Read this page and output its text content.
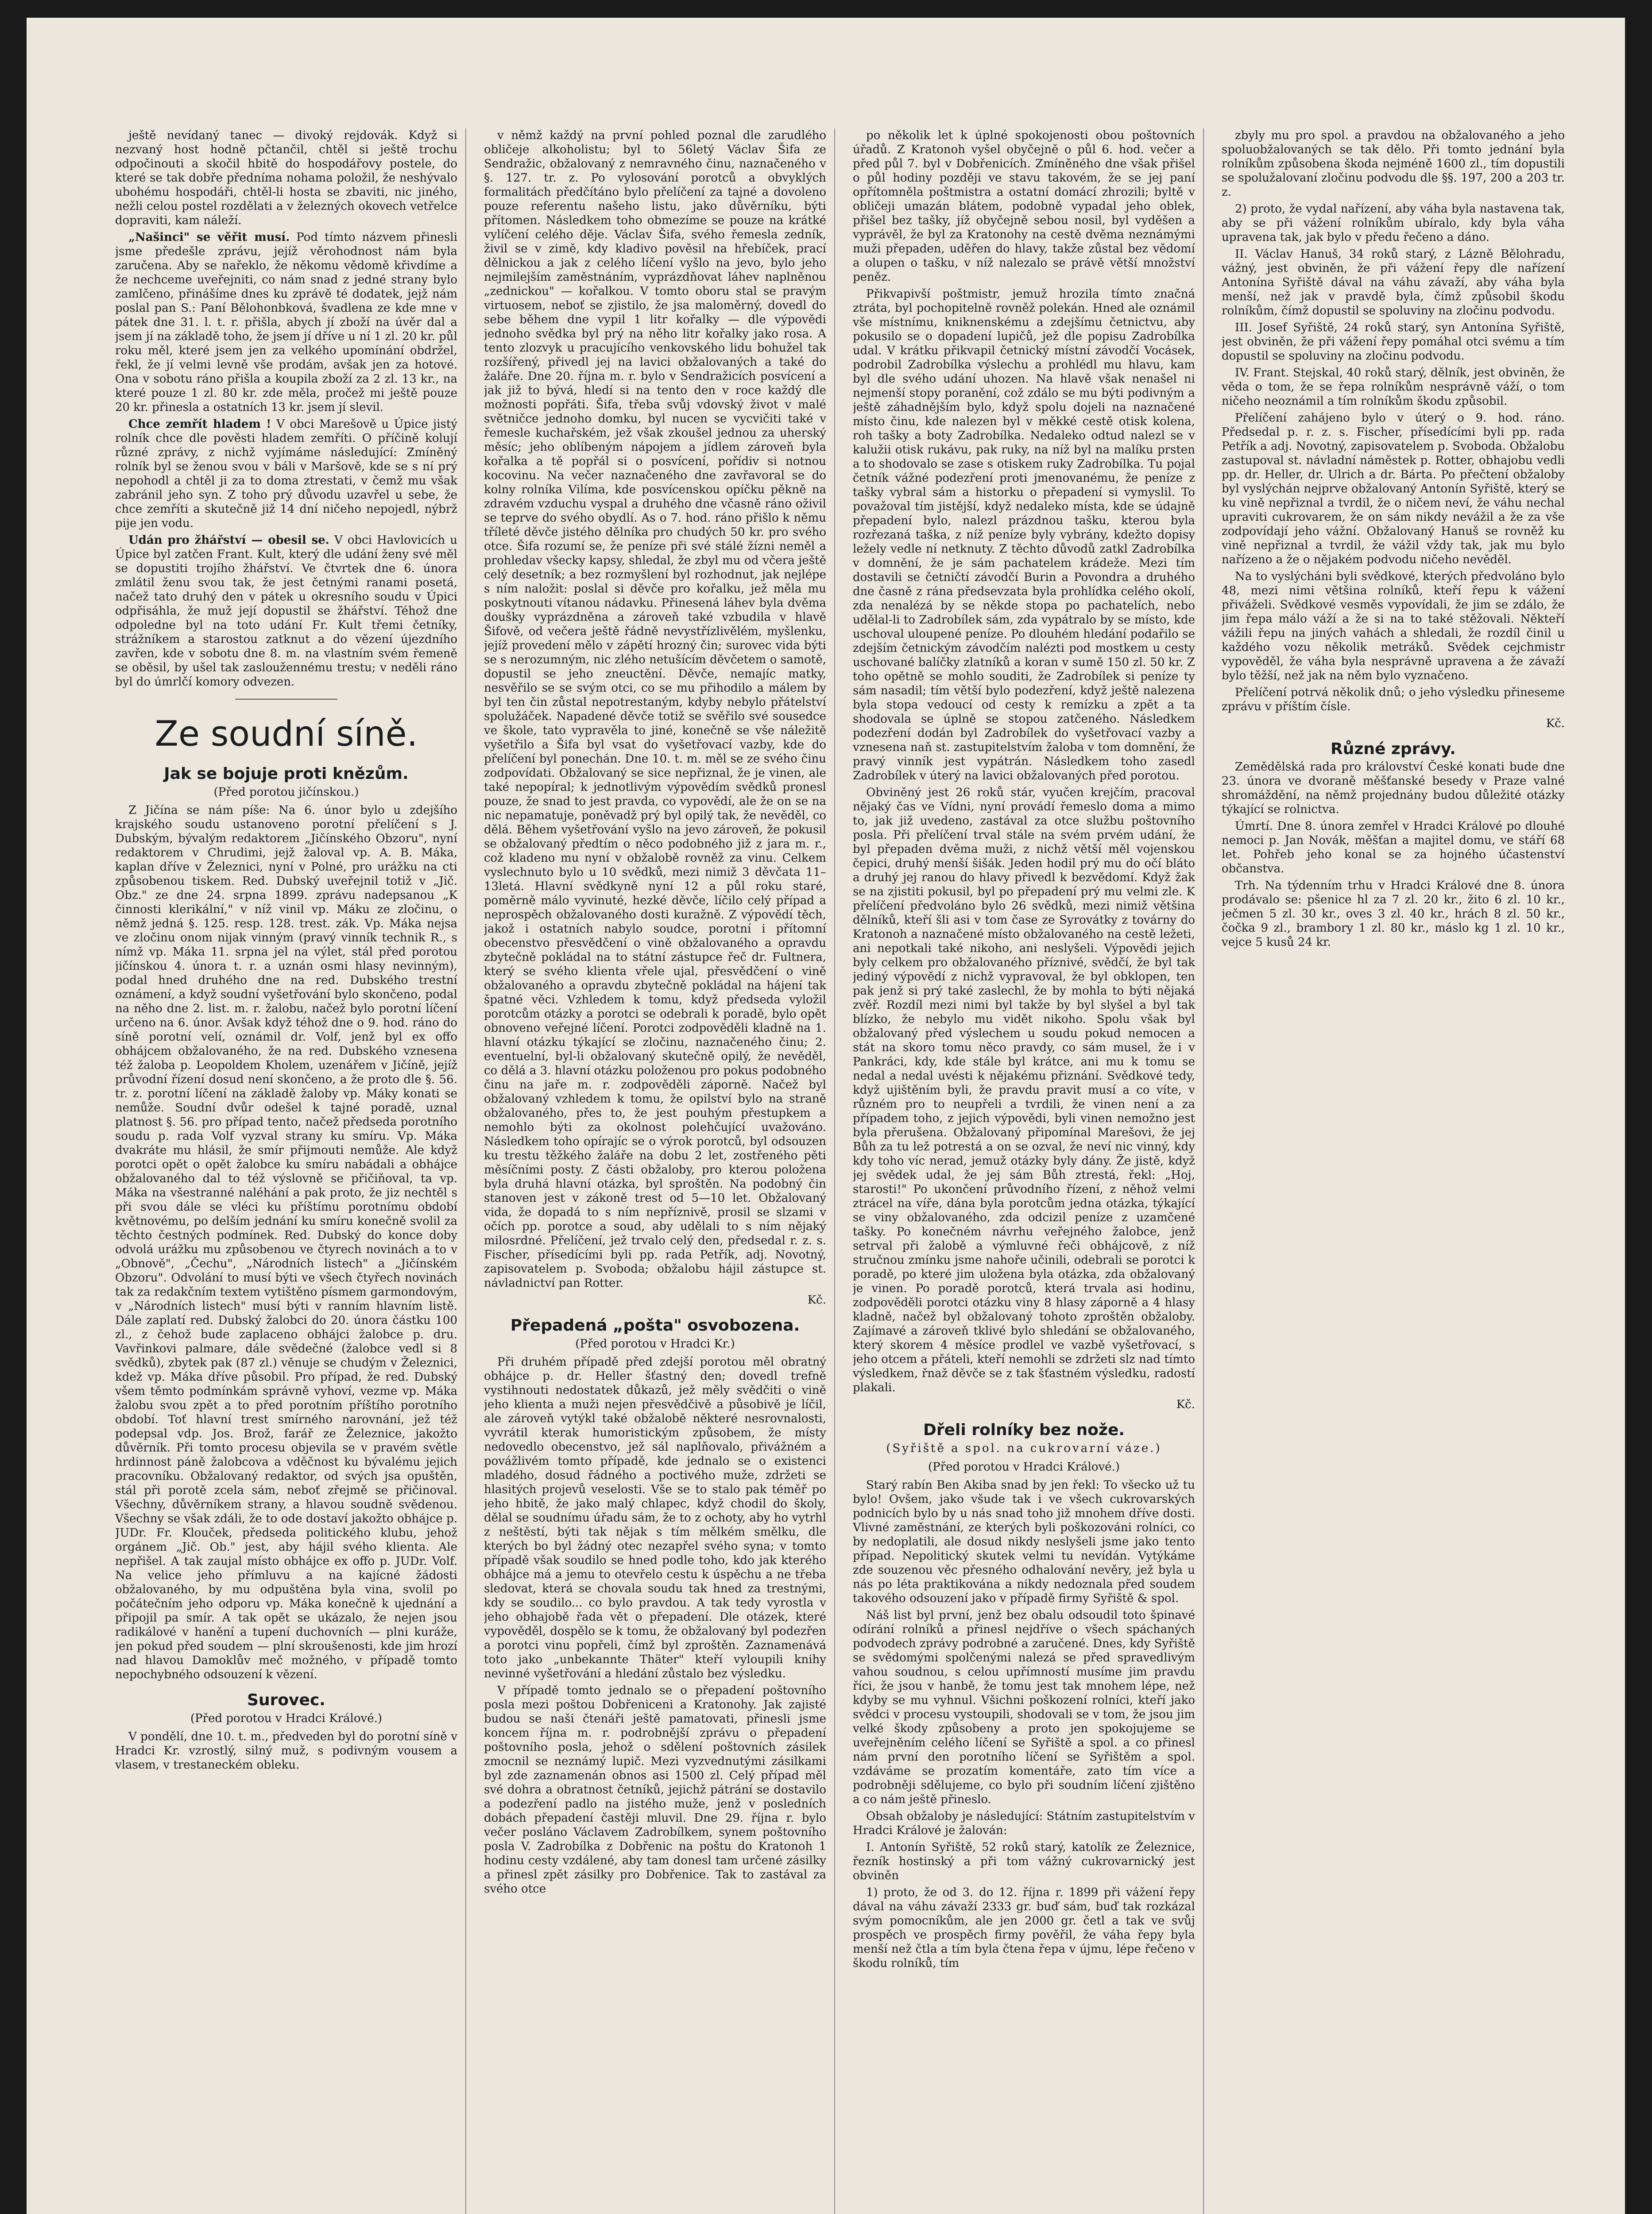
ještě nevídaný tanec — divoký rejdovák. Když si nezvaný host hodně pčtančil, chtěl si ještě trochu odpočinouti a skočil hbitě do hospodářovy postele, do které se tak dobře předníma nohama položil, že neshývalo ubohému hospodáři, chtěl-li hosta se zbaviti, nic jiného, nežli celou postel rozdělati a v železných okovech vetřelce dopraviti, kam náleží.

„Našinci" se věřit musí. Pod tímto názvem přinesli jsme předešle zprávu, jejíž věrohodnost nám byla zaručena. Aby se nařeklo, že někomu vědomě křivdíme a že nechceme uveřejniti, co nám snad z jedné strany bylo zamlčeno, přinášíme dnes ku zprávě té dodatek, jejž nám poslal pan S.: Paní Bělohonbková, švadlena ze kde mne v pátek dne 31. l. t. r. přišla, abych jí zboží na úvěr dal a jsem jí na základě toho, že jsem jí dříve u ní 1 zl. 20 kr. půl roku měl, které jsem jen za velkého upomínání obdržel, řekl, že jí velmi levně vše prodám, avšak jen za hotové. Ona v sobotu ráno přišla a koupila zboží za 2 zl. 13 kr., na které pouze 1 zl. 80 kr. zde měla, pročež mi ještě pouze 20 kr. přinesla a ostatních 13 kr. jsem jí slevil.

Chce zemřít hladem ! V obci Marešově u Úpice jistý rolník chce dle pověsti hladem zemříti. O příčině kolují různé zprávy, z nichž vyjímáme následující: Zmíněný rolník byl se ženou svou v báli v Maršově, kde se s ní prý nepohodl a chtěl ji za to doma ztrestati, v čemž mu však zabránil jeho syn. Z toho prý důvodu uzavřel u sebe, že chce zemříti a skutečně již 14 dní ničeho nepojedl, nýbrž pije jen vodu.

Udán pro žhářství — obesil se. V obci Havlovicích u Úpice byl zatčen Frant. Kult, který dle udání ženy své měl se dopustiti trojího žhářství. Ve čtvrtek dne 6. února zmlátil ženu svou tak, že jest četnými ranami posetá, načež tato druhý den v pátek u okresního soudu v Úpici odpřisáhla, že muž její dopustil se žhářství. Téhož dne odpoledne byl na toto udání Fr. Kult třemi četníky, strážníkem a starostou zatknut a do vězení újezdního zavřen, kde v sobotu dne 8. m. na vlastním svém řemeně se oběsil, by ušel tak zasloužennému trestu; v neděli ráno byl do úmrlčí komory odvezen.

Ze soudní síně.
Jak se bojuje proti knězům.
(Před porotou jičínskou.)

Z Jičína se nám píše: Na 6. únor bylo u zdejšího krajského soudu ustanoveno porotní přelíčení s J. Dubským, bývalým redaktorem „Jičínského Obzoru", nyní redaktorem v Chrudimi, jejž žaloval vp. A. B. Máka, kaplan dříve v Železnici, nyní v Polné, pro urážku na cti způsobenou tiskem. Red. Dubský uveřejnil totiž v „Jič. Obz." ze dne 24. srpna 1899. zprávu nadepsanou „K činnosti klerikální," v níž vinil vp. Máku ze zločinu, o němž jedná §. 125. resp. 128. trest. zák. Vp. Máka nejsa ve zločinu onom nijak vinným (pravý vinník technik R., s nímž vp. Máka 11. srpna jel na výlet, stál před porotou jičínskou 4. února t. r. a uznán osmi hlasy nevinným), podal hned druhého dne na red. Dubského trestní oznámení, a když soudní vyšetřování bylo skončeno, podal na něho dne 2. list. m. r. žalobu, načež bylo porotní líčení určeno na 6. únor. Avšak když téhož dne o 9. hod. ráno do síně porotní velí, oznámil dr. Volf, jenž byl ex offo obhájcem obžalovaného, že na red. Dubského vznesena též žaloba p. Leopoldem Kholem, uzenářem v Jičíně, jejíž průvodní řízení dosud není skončeno, a že proto dle §. 56. tr. z. porotní líčení na základě žaloby vp. Máky konati se nemůže. Soudní dvůr odešel k tajné poradě, uznal platnost §. 56. pro případ tento, načež předseda porotního soudu p. rada Volf vyzval strany ku smíru. Vp. Máka dvakráte mu hlásil, že smír přijmouti nemůže. Ale když porotci opět o opět žalobce ku smíru nabádali a obhájce obžalovaného dal to též výslovně se přičiňoval, ta vp. Máka na všestranné naléhání a pak proto, že jiz nechtěl s při svou dále se vléci ku příštímu porotnímu období květnovému, po delším jednání ku smíru konečně svolil za těchto čestných podmínek. Red. Dubský do konce doby odvolá urážku mu způsobenou ve čtyrech novinách a to v „Obnově", „Čechu", „Národních listech" a „Jičínském Obzoru". Odvolání to musí býti ve všech čtyřech novinách tak za redakčním textem vytištěno písmem garmondovým, v „Národních listech" musí býti v ranním hlavním listě. Dále zaplatí red. Dubský žalobci do 20. února částku 100 zl., z čehož bude zaplaceno obhájci žalobce p. dru. Vavřinkovi palmare, dále svědečné (žalobce vedl si 8 svědků), zbytek pak (87 zl.) věnuje se chudým v Železnici, kdež vp. Máka dříve působil. Pro případ, že red. Dubský všem těmto podmínkám správně vyhoví, vezme vp. Máka žalobu svou zpět a to před porotním příštího porotního období. Toť hlavní trest smírného narovnání, jež též podepsal vdp. Jos. Brož, farář ze Železnice, jakožto důvěrník. Při tomto procesu objevila se v pravém světle hrdinnost páně žalobcova a vděčnost ku bývalému jejich pracovníku. Obžalovaný redaktor, od svých jsa opuštěn, stál při porotě zcela sám, neboť zřejmě se přičinoval. Všechny, důvěrníkem strany, a hlavou soudně svědenou. Všechny se však zdáli, že to ode dostaví jakožto obhájce p. JUDr. Fr. Klouček, předseda politického klubu, jehož orgánem „Jič. Ob." jest, aby hájil svého klienta. Ale nepřišel. A tak zaujal místo obhájce ex offo p. JUDr. Volf. Na velice jeho přímluvu a na kajícné žádosti obžalovaného, by mu odpuštěna byla vina, svolil po počátečním jeho odporu vp. Máka konečně k ujednání a připojil pa smír. A tak opět se ukázalo, že nejen jsou radikálové v hanění a tupení duchovních — plni kuráže, jen pokud před soudem — plní skroušenosti, kde jim hrozí nad hlavou Damoklův meč možného, v případě tomto nepochybného odsouzení k vězení.

Surovec.
(Před porotou v Hradci Králové.)

V pondělí, dne 10. t. m., předveden byl do porotní síně v Hradci Kr. vzrostlý, silný muž, s podivným vousem a vlasem, v trestaneckém obleku.

v němž každý na první pohled poznal dle zarudlého obličeje alkoholistu; byl to 56letý Václav Šifa ze Sendražic, obžalovaný z nemravného činu, naznačeného v §. 127. tr. z. Po vylosování porotců a obvyklých formalitách předčítáno bylo přelíčení za tajné a dovoleno pouze referentu našeho listu, jako důvěrníku, býti přítomen. Následkem toho obmezíme se pouze na krátké vylíčení celého děje. Václav Šifa, svého řemesla zedník, živil se v zimě, kdy kladivo pověsil na hřebíček, prací dělnickou a jak z celého líčení vyšlo na jevo, bylo jeho nejmilejším zaměstnáním, vyprázdňovat láhev naplněnou „zednickou" — kořalkou. V tomto oboru stal se pravým virtuosem, neboť se zjistilo, že jsa maloměrný, dovedl do sebe během dne vypil 1 litr kořalky — dle výpovědi jednoho svědka byl prý na něho litr kořalky jako rosa. A tento zlozvyk u pracujícího venkovského lidu bohužel tak rozšířený, přivedl jej na lavici obžalovaných a také do žaláře. Dne 20. října m. r. bylo v Sendražicích posvícení a jak již to bývá, hledí si na tento den v roce každý dle možnosti popřáti. Šifa, třeba svůj vdovský život v malé světničce jednoho domku, byl nucen se vycvičiti také v řemesle kuchařském, jež však zkoušel jednou za uherský měsíc; jeho oblíbeným nápojem a jídlem zároveň byla kořalka a tě popřál si o posvícení, pořídiv si notnou kocovinu. Na večer naznačeného dne zavřavoral se do kolny rolníka Vilíma, kde posvícenskou opíčku pěkně na zdravém vzduchu vyspal a druhého dne včasně ráno oživil se teprve do svého obydlí. As o 7. hod. ráno přišlo k němu tříleté děvče jistého dělníka pro chudých 50 kr. pro svého otce. Šifa rozumí se, že peníze při své stálé žízni neměl a prohledav všecky kapsy, shledal, že zbyl mu od včera ještě celý desetník; a bez rozmyšlení byl rozhodnut, jak nejlépe s ním naložit: poslal si děvče pro kořalku, jež měla mu poskytnouti vítanou nádavku. Přinesená láhev byla dvěma doušky vyprázdněna a zároveň také vzbudila v hlavě Šifově, od večera ještě řádně nevystřízlivělém, myšlenku, jejíž provedení mělo v zápětí hrozný čin; surovec vida býti se s nerozumným, nic zlého netušícím děvčetem o samotě, dopustil se jeho zneuctění. Děvče, nemajíc matky, nesvěřilo se se svým otci, co se mu přihodilo a málem by byl ten čin zůstal nepotrestaným, kdyby nebylo přátelství spolužáček. Napadené děvče totiž se svěřilo své sousedce ve škole, tato vypravěla to jiné, konečně se vše náležitě vyšetřilo a Šifa byl vsat do vyšetřovací vazby, kde do přelíčení byl ponechán. Dne 10. t. m. měl se ze svého činu zodpovídati. Obžalovaný se sice nepřiznal, že je vinen, ale také nepopíral; k jednotlivým výpovědím svědků pronesl pouze, že snad to jest pravda, co vypovědí, ale že on se na nic nepamatuje, poněvadž prý byl opilý tak, že nevěděl, co dělá. Během vyšetřování vyšlo na jevo zároveň, že pokusil se obžalovaný předtím o něco podobného již z jara m. r., což kladeno mu nyní v obžalobě rovněž za vinu. Celkem vyslechnuto bylo u 10 svědků, mezi nimiž 3 děvčata 11–13letá. Hlavní svědkyně nyní 12 a půl roku staré, poměrně málo vyvinuté, hezké děvče, líčilo celý případ a neprospěch obžalovaného dosti kuražně. Z výpovědí těch, jakož i ostatních nabylo soudce, porotní i přítomní obecenstvo přesvědčení o vině obžalovaného a opravdu zbytečně pokládal na to státní zástupce řeč dr. Fultnera, který se svého klienta vřele ujal, přesvědčení o vině obžalovaného a opravdu zbytečně pokládal na hájení tak špatné věci. Vzhledem k tomu, když předseda vyložil porotcům otázky a porotci se odebrali k poradě, bylo opět obnoveno veřejné líčení. Porotci zodpověděli kladně na 1. hlavní otázku týkající se zločinu, naznačeného činu; 2. eventuelní, byl-li obžalovaný skutečně opilý, že nevěděl, co dělá a 3. hlavní otázku položenou pro pokus podobného činu na jaře m. r. zodpověděli záporně. Načež byl obžalovaný vzhledem k tomu, že opilství bylo na straně obžalovaného, přes to, že jest pouhým přestupkem a nemohlo býti za okolnost polehčující uvažováno. Následkem toho opírajíc se o výrok porotců, byl odsouzen ku trestu těžkého žaláře na dobu 2 let, zostřeného pěti měsíčními posty. Z části obžaloby, pro kterou položena byla druhá hlavní otázka, byl sproštěn. Na podobný čin stanoven jest v zákoně trest od 5—10 let. Obžalovaný vida, že dopadá to s ním nepříznivě, prosil se slzami v očích pp. porotce a soud, aby udělali to s ním nějaký milosrdné. Přelíčení, jež trvalo celý den, předsedal r. z. s. Fischer, přísedícími byli pp. rada Petřík, adj. Novotný, zapisovatelem p. Svoboda; obžalobu hájil zástupce st. návladnictví pan Rotter.

Kč.
Přepadená „pošta" osvobozena.
(Před porotou v Hradci Kr.)

Při druhém případě před zdejší porotou měl obratný obhájce p. dr. Heller šťastný den; dovedl trefně vystihnouti nedostatek důkazů, jež měly svědčiti o vině jeho klienta a muži nejen přesvědčivě a působivě je líčil, ale zároveň vytýkl také obžalobě některé nesrovnalosti, vyvrátil kterak humoristickým způsobem, že místy nedovedlo obecenstvo, jež sál naplňovalo, přivážném a povážlivém tomto případě, kde jednalo se o existenci mladého, dosud řádného a poctivého muže, zdržeti se hlasitých projevů veselosti. Vše se to stalo pak téměř po jeho hbitě, že jako malý chlapec, když chodil do školy, dělal se soudnímu úřadu sám, že to z ochoty, aby ho vytrhl z neštěstí, býti tak nějak s tím mělkém smělku, dle kterých bo byl žádný otec nezapřel svého syna; v tomto případě však soudilo se hned podle toho, kdo jak kterého obhájce má a jemu to otevřelo cestu k úspěchu a ne třeba sledovat, která se chovala soudu tak hned za trestnými, kdy se soudilo... co bylo pravdou. A tak tedy vyrostla v jeho obhajobě řada vět o přepadení. Dle otázek, které vypověděl, dospělo se k tomu, že obžalovaný byl podezřen a porotci vinu popřeli, čímž byl zproštěn. Zaznamenává toto jako „unbekannte Thäter" kteří vyloupili knihy nevinné vyšetřování a hledání zůstalo bez výsledku.

V případě tomto jednalo se o přepadení poštovního posla mezi poštou Dobřeniceni a Kratonohy. Jak zajisté budou se naši čtenáři ještě pamatovati, přinesli jsme koncem října m. r. podrobnější zprávu o přepadení poštovního posla, jehož o sdělení poštovních zásilek zmocnil se neznámý lupič. Mezi vyzvednutými zásilkami byl zde zaznamenán obnos asi 1500 zl. Celý případ měl své dohra a obratnost četníků, jejichž pátrání se dostavilo a podezření padlo na jistého muže, jenž v posledních dobách přepadení častěji mluvil. Dne 29. října r. bylo večer posláno Václavem Zadrobílkem, synem poštovního posla V. Zadrobílka z Dobřenic na poštu do Kratonoh 1 hodinu cesty vzdálené, aby tam donesl tam určené zásilky a přinesl zpět zásilky pro Dobřenice. Tak to zastával za svého otce

po několik let k úplné spokojenosti obou poštovních úřadů. Z Kratonoh vyšel obyčejně o půl 6. hod. večer a před půl 7. byl v Dobřenicích. Zmíněného dne však přišel o půl hodiny později ve stavu takovém, že se jej paní opřítomněla poštmistra a ostatní domácí zhrozili; byltě v obličeji umazán blátem, podobně vypadal jeho oblek, přišel bez tašky, jíž obyčejně sebou nosil, byl vyděšen a vyprávěl, že byl za Kratonohy na cestě dvěma neznámými muži přepaden, uděřen do hlavy, takže zůstal bez vědomí a olupen o tašku, v níž nalezalo se právě větší množství peněz.

Přikvapivší poštmistr, jemuž hrozila tímto značná ztráta, byl pochopitelně rovněž polekán. Hned ale oznámil vše místnímu, kniknenskému a zdejšímu četnictvu, aby pokusilo se o dopadení lupičů, jež dle popisu Zadrobílka udal. V krátku přikvapil četnický místní závodčí Vocásek, podrobil Zadrobílka výslechu a prohlédl mu hlavu, kam byl dle svého udání uhozen. Na hlavě však nenašel ni nejmenší stopy poranění, což zdálo se mu býti podivným a ještě záhadnějším bylo, když spolu dojeli na naznačené místo činu, kde nalezen byl v měkké cestě otisk kolena, roh tašky a boty Zadrobílka. Nedaleko odtud nalezl se v kalužii otisk rukávu, pak ruky, na níž byl na malíku prsten a to shodovalo se zase s otiskem ruky Zadrobílka. Tu pojal četník vážné podezření proti jmenovanému, že peníze z tašky vybral sám a historku o přepadení si vymyslil. To považoval tím jistější, když nedaleko místa, kde se údajně přepadení bylo, nalezl prázdnou tašku, kterou byla rozřezaná taška, z níž peníze byly vybrány, kdežto dopisy ležely vedle ní netknuty. Z těchto důvodů zatkl Zadrobílka v domnění, že je sám pachatelem krádeže. Mezi tím dostavili se četničtí závodčí Burin a Povondra a druhého dne časně z rána předsevzata byla prohlídka celého okolí, zda nenalézá by se někde stopa po pachatelích, nebo udělal-li to Zadrobílek sám, zda vypátralo by se místo, kde uschoval uloupené peníze. Po dlouhém hledání podařilo se zdejším četnickým závodčím nalézti pod mostkem u cesty uschované balíčky zlatníků a koran v sumě 150 zl. 50 kr. Z toho opětně se mohlo souditi, že Zadrobílek si peníze ty sám nasadil; tím větší bylo podezření, když ještě nalezena byla stopa vedoucí od cesty k remízku a zpět a ta shodovala se úplně se stopou zatčeného. Následkem podezření dodán byl Zadrobílek do vyšetřovací vazby a vznesena naň st. zastupitelstvím žaloba v tom domnění, že pravý vinník jest vypátrán. Následkem toho zasedl Zadrobílek v úterý na lavici obžalovaných před porotou.

Obviněný jest 26 roků stár, vyučen krejčím, pracoval nějaký čas ve Vídni, nyní provádí řemeslo doma a mimo to, jak již uvedeno, zastával za otce službu poštovního posla. Při přelíčení trval stále na svém prvém udání, že byl přepaden dvěma muži, z nichž větší měl vojenskou čepici, druhý menší šišák. Jeden hodil prý mu do očí bláto a druhý jej ranou do hlavy přivedl k bezvědomí. Když žak se na zjistiti pokusil, byl po přepadení prý mu velmi zle. K přelíčení předvoláno bylo 26 svědků, mezi nimiž většina dělníků, kteří šli asi v tom čase ze Syrovátky z továrny do Kratonoh a naznačené místo obžalovaného na cestě ležeti, ani nepotkali také nikoho, ani neslyšeli. Výpovědi jejich byly celkem pro obžalovaného příznivé, svědčí, že byl tak jediný výpovědí z nichž vypravoval, že byl obklopen, ten pak jenž si prý také zaslechl, že by mohla to býti nějaká zvěř. Rozdíl mezi nimi byl takže by byl slyšel a byl tak blízko, že nebylo mu vidět nikoho. Spolu však byl obžalovaný před výslechem u soudu pokud nemocen a stát na skoro tomu něco pravdy, co sám musel, že i v Pankráci, kdy, kde stále byl krátce, ani mu k tomu se nedal a nedal uvésti k nějakému přiznání. Svědkové tedy, když ujištěním byli, že pravdu pravit musí a co víte, v různém pro to neupřeli a tvrdili, že vinen není a za případem toho, z jejich výpovědi, byli vinen nemožno jest byla přerušena. Obžalovaný připomínal Marešovi, že jej Bůh za tu lež potrestá a on se ozval, že neví nic vinný, kdy kdy toho víc nerad, jemuž otázky byly dány. Že jistě, když jej svědek udal, že jej sám Bůh ztrestá, řekl: „Hoj, starosti!" Po ukončení průvodního řízení, z něhož velmi ztrácel na víře, dána byla porotcům jedna otázka, týkající se viny obžalovaného, zda odcizil peníze z uzamčené tašky. Po konečném návrhu veřejného žalobce, jenž setrval při žalobě a výmluvné řeči obhájcově, z níž stručnou zmínku jsme nahoře učinili, odebrali se porotci k poradě, po které jim uložena byla otázka, zda obžalovaný je vinen. Po poradě porotců, která trvala asi hodinu, zodpověděli porotci otázku viny 8 hlasy záporně a 4 hlasy kladně, načež byl obžalovaný tohoto zproštěn obžaloby. Zajímavé a zároveň tklivé bylo shledání se obžalovaného, který skorem 4 měsíce prodlel ve vazbě vyšetřovací, s jeho otcem a přáteli, kteří nemohli se zdržeti slz nad tímto výsledkem, řnaž děvče se z tak šťastném výsledku, radostí plakali.

Kč.
Dřeli rolníky bez nože.
(Syřiště a spol. na cukrovarní váze.)
(Před porotou v Hradci Králové.)

Starý rabín Ben Akiba snad by jen řekl: To všecko už tu bylo! Ovšem, jako všude tak i ve všech cukrovarských podnicích bylo by u nás snad toho již mnohem dříve dosti. Vlivné zaměstnání, ze kterých byli poškozováni rolníci, co by nedoplatili, ale dosud nikdy neslyšeli jsme jako tento případ. Nepolitický skutek velmi tu nevídán. Vytýkáme zde souzenou věc přesného odhalování nevěry, jež byla u nás po léta praktikována a nikdy nedoznala před soudem takového odsouzení jako v případě firmy Syřiště & spol.

Náš list byl první, jenž bez obalu odsoudil toto špinavé odírání rolníků a přinesl nejdříve o všech spáchaných podvodech zprávy podrobné a zaručené. Dnes, kdy Syřiště se svědomými spolčenými nalezá se před spravedlivým vahou soudnou, s celou upřímností musíme jim pravdu říci, že jsou v hanbě, že tomu jest tak mnohem lépe, než kdyby se mu vyhnul. Všichni poškození rolníci, kteří jako svědci v procesu vystoupili, shodovali se v tom, že jsou jim velké škody způsobeny a proto jen spokojujeme se uveřejněním celého líčení se Syřiště a spol. a co přinesl nám první den porotního líčení se Syřištěm a spol. vzdáváme se prozatím komentáře, zato tím více a podrobněji sdělujeme, co bylo při soudním líčení zjištěno a co nám ještě přineslo.

Obsah obžaloby je následující: Státním zastupitelstvím v Hradci Králové je žalován:

I. Antonín Syřiště, 52 roků starý, katolík ze Železnice, řezník hostinský a při tom vážný cukrovarnický jest obviněn

1) proto, že od 3. do 12. října r. 1899 při vážení řepy dával na váhu závaží 2333 gr. buď sám, buď tak rozkázal svým pomocníkům, ale jen 2000 gr. četl a tak ve svůj prospěch ve prospěch firmy pověřil, že váha řepy byla menší než čtla a tím byla čtena řepa v újmu, lépe řečeno v škodu rolníků, tím

zbyly mu pro spol. a pravdou na obžalovaného a jeho spoluobžalovaných se tak dělo. Při tomto jednání byla rolníkům způsobena škoda nejméně 1600 zl., tím dopustili se spolužalovaní zločinu podvodu dle §§. 197, 200 a 203 tr. z.

2) proto, že vydal nařízení, aby váha byla nastavena tak, aby se při vážení rolníkům ubíralo, kdy byla váha upravena tak, jak bylo v předu řečeno a dáno.

II. Václav Hanuš, 34 roků starý, z Lázně Bělohradu, vážný, jest obviněn, že při vážení řepy dle nařízení Antonína Syřiště dával na váhu závaží, aby váha byla menší, než jak v pravdě byla, čímž způsobil škodu rolníkům, čímž dopustil se spoluviny na zločinu podvodu.

III. Josef Syřiště, 24 roků starý, syn Antonína Syřiště, jest obviněn, že při vážení řepy pomáhal otci svému a tím dopustil se spoluviny na zločinu podvodu.

IV. Frant. Stejskal, 40 roků starý, dělník, jest obviněn, že věda o tom, že se řepa rolníkům nesprávně váží, o tom ničeho neoznámil a tím rolníkům škodu způsobil.

Přelíčení zahájeno bylo v úterý o 9. hod. ráno. Předsedal p. r. z. s. Fischer, přísedícími byli pp. rada Petřík a adj. Novotný, zapisovatelem p. Svoboda. Obžalobu zastupoval st. návladní náměstek p. Rotter, obhajobu vedli pp. dr. Heller, dr. Ulrich a dr. Bárta. Po přečtení obžaloby byl vyslýchán nejprve obžalovaný Antonín Syřiště, který se ku vině nepřiznal a tvrdil, že o ničem neví, že váhu nechal upraviti cukrovarem, že on sám nikdy nevážil a že za vše zodpovídají jeho vážní. Obžalovaný Hanuš se rovněž ku vině nepřiznal a tvrdil, že vážil vždy tak, jak mu bylo nařízeno a že o nějakém podvodu ničeho nevěděl.

Na to vyslýcháni byli svědkové, kterých předvoláno bylo 48, mezi nimi většina rolníků, kteří řepu k vážení přiváželi. Svědkové vesměs vypovídali, že jim se zdálo, že jim řepa málo váží a že si na to také stěžovali. Někteří vážili řepu na jiných vahách a shledali, že rozdíl činil u každého vozu několik metráků. Svědek cejchmistr vypověděl, že váha byla nesprávně upravena a že závaží bylo těžší, než jak na něm bylo vyznačeno.

Přelíčení potrvá několik dnů; o jeho výsledku přineseme zprávu v příštím čísle.

Kč.
Různé zprávy.

Zemědělská rada pro království České konati bude dne 23. února ve dvoraně měšťanské besedy v Praze valné shromáždění, na němž projednány budou důležité otázky týkající se rolnictva.

Úmrtí. Dne 8. února zemřel v Hradci Králové po dlouhé nemoci p. Jan Novák, měšťan a majitel domu, ve stáří 68 let. Pohřeb jeho konal se za hojného účastenství občanstva.

Trh. Na týdenním trhu v Hradci Králové dne 8. února prodávalo se: pšenice hl za 7 zl. 20 kr., žito 6 zl. 10 kr., ječmen 5 zl. 30 kr., oves 3 zl. 40 kr., hrách 8 zl. 50 kr., čočka 9 zl., brambory 1 zl. 80 kr., máslo kg 1 zl. 10 kr., vejce 5 kusů 24 kr.
